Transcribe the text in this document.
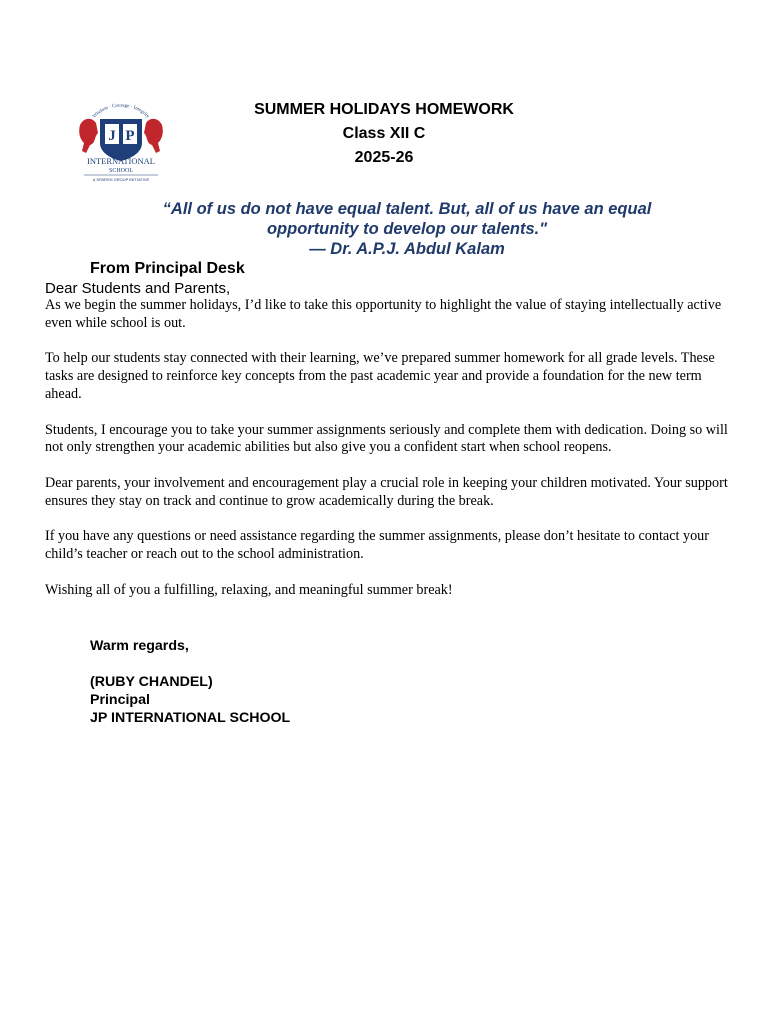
Wisdom · Courage · Integrity
J P
INTERNATIONAL
SCHOOL
A SPARSH GROUP INITIATIVE
SUMMER HOLIDAYS HOMEWORK
Class XII C
2025-26
“All of us do not have equal talent. But, all of us have an equal
opportunity to develop our talents."
— Dr. A.P.J. Abdul Kalam
From Principal Desk
Dear Students and Parents,

As we begin the summer holidays, I’d like to take this opportunity to highlight the value of staying intellectually active even while school is out.

To help our students stay connected with their learning, we’ve prepared summer homework for all grade levels. These tasks are designed to reinforce key concepts from the past academic year and provide a foundation for the new term ahead.

Students, I encourage you to take your summer assignments seriously and complete them with dedication. Doing so will not only strengthen your academic abilities but also give you a confident start when school reopens.

Dear parents, your involvement and encouragement play a crucial role in keeping your children motivated. Your support ensures they stay on track and continue to grow academically during the break.

If you have any questions or need assistance regarding the summer assignments, please don’t hesitate to contact your child’s teacher or reach out to the school administration.

Wishing all of you a fulfilling, relaxing, and meaningful summer break!

Warm regards,
(RUBY CHANDEL)
Principal
JP INTERNATIONAL SCHOOL
